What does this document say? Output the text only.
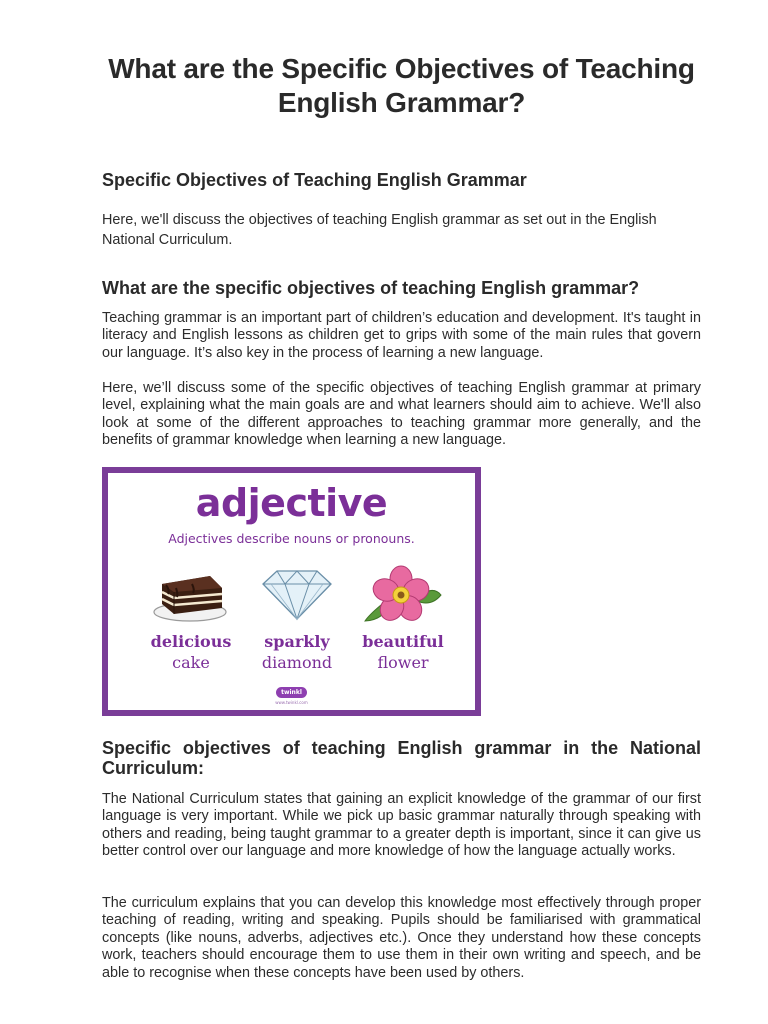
What are the Specific Objectives of Teaching English Grammar?
Specific Objectives of Teaching English Grammar

Here, we'll discuss the objectives of teaching English grammar as set out in the English National Curriculum.

What are the specific objectives of teaching English grammar?

Teaching grammar is an important part of children’s education and development. It's taught in literacy and English lessons as children get to grips with some of the main rules that govern our language. It’s also key in the process of learning a new language.

Here, we’ll discuss some of the specific objectives of teaching English grammar at primary level, explaining what the main goals are and what learners should aim to achieve. We'll also look at some of the different approaches to teaching grammar more generally, and the benefits of grammar knowledge when learning a new language.

adjective
Adjectives describe nouns or pronouns.
delicious
cake
sparkly
diamond
beautiful
flower
twinkl
www.twinkl.com
Specific objectives of teaching English grammar in the National Curriculum:

The National Curriculum states that gaining an explicit knowledge of the grammar of our first language is very important. While we pick up basic grammar naturally through speaking with others and reading, being taught grammar to a greater depth is important, since it can give us better control over our language and more knowledge of how the language actually works.

The curriculum explains that you can develop this knowledge most effectively through proper teaching of reading, writing and speaking. Pupils should be familiarised with grammatical concepts (like nouns, adverbs, adjectives etc.). Once they understand how these concepts work, teachers should encourage them to use them in their own writing and speech, and be able to recognise when these concepts have been used by others.
